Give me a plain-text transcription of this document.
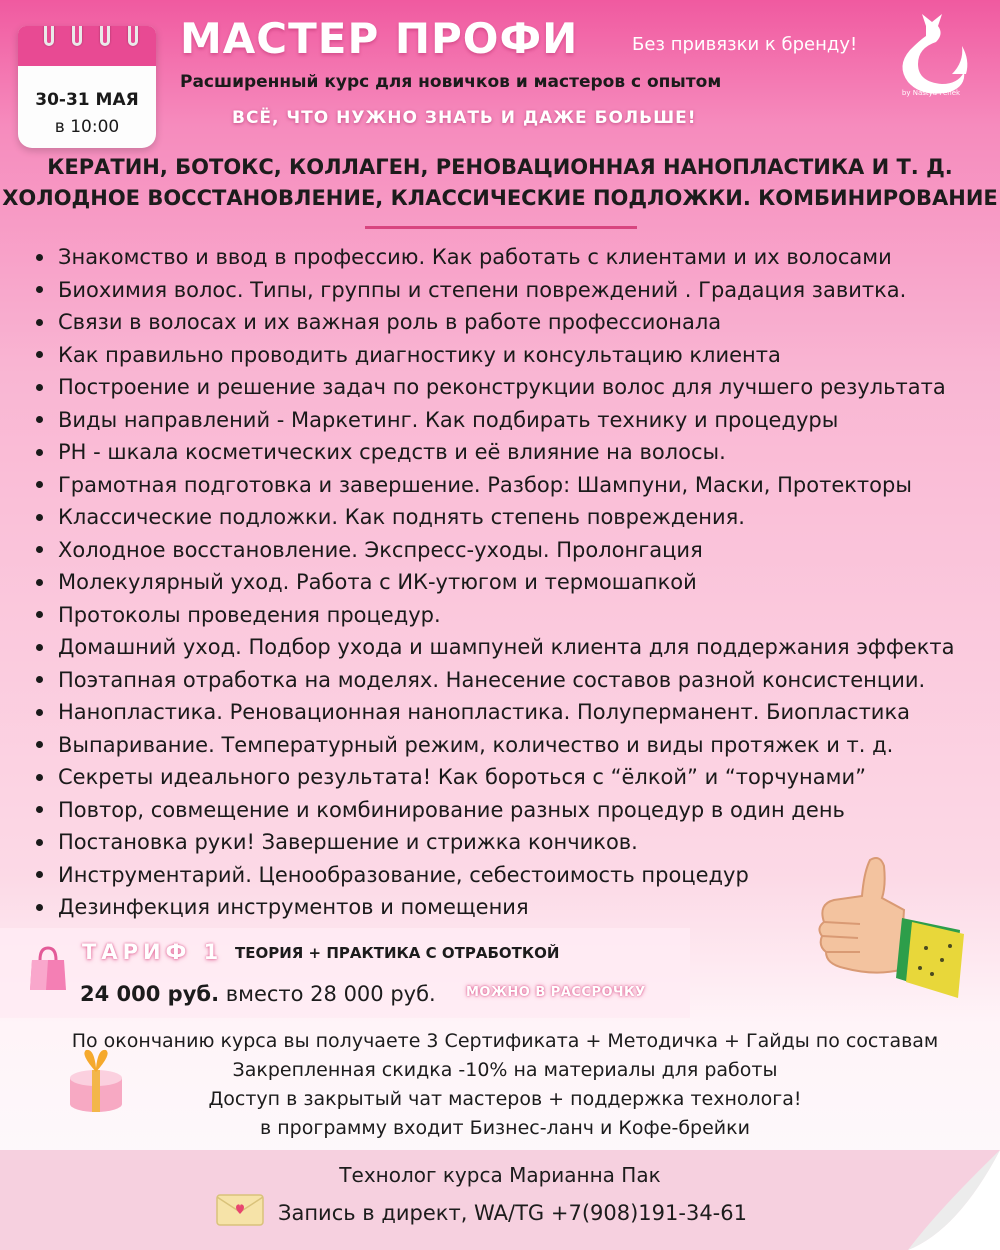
30-31 МАЯ
в 10:00
МАСТЕР ПРОФИ
Расширенный курс для новичков и мастеров с опытом
ВСЁ, ЧТО НУЖНО ЗНАТЬ И ДАЖЕ БОЛЬШЕ!
Без привязки к бренду!
by Nastya Fenek
КЕРАТИН, БОТОКС, КОЛЛАГЕН, РЕНОВАЦИОННАЯ НАНОПЛАСТИКА И Т. Д.
ХОЛОДНОЕ ВОССТАНОВЛЕНИЕ, КЛАССИЧЕСКИЕ ПОДЛОЖКИ. КОМБИНИРОВАНИЕ
Знакомство и ввод в профессию. Как работать с клиентами и их волосами
Биохимия волос. Типы, группы и степени повреждений . Градация завитка.
Связи в волосах и их важная роль в работе профессионала
Как правильно проводить диагностику и консультацию клиента
Построение и решение задач по реконструкции волос для лучшего результата
Виды направлений - Маркетинг. Как подбирать технику и процедуры
PH - шкала косметических средств и её влияние на волосы.
Грамотная подготовка и завершение. Разбор: Шампуни, Маски, Протекторы
Классические подложки. Как поднять степень повреждения.
Холодное восстановление. Экспресс-уходы. Пролонгация
Молекулярный уход. Работа с ИК-утюгом и термошапкой
Протоколы проведения процедур.
Домашний уход. Подбор ухода и шампуней клиента для поддержания эффекта
Поэтапная отработка на моделях. Нанесение составов разной консистенции.
Нанопластика. Реновационная нанопластика. Полуперманент. Биопластика
Выпаривание. Температурный режим, количество и виды протяжек и т. д.
Секреты идеального результата! Как бороться с “ёлкой” и “торчунами”
Повтор, совмещение и комбинирование разных процедур в один день
Постановка руки! Завершение и стрижка кончиков.
Инструментарий. Ценообразование, себестоимость процедур
Дезинфекция инструментов и помещения
ТАРИФ 1 ТЕОРИЯ + ПРАКТИКА С ОТРАБОТКОЙ
24 000 руб. вместо 28 000 руб. МОЖНО В РАССРОЧКУ
По окончанию курса вы получаете 3 Сертификата + Методичка + Гайды по составам
Закрепленная скидка -10% на материалы для работы
Доступ в закрытый чат мастеров + поддержка технолога!
в программу входит Бизнес-ланч и Кофе-брейки
Технолог курса Марианна Пак
Запись в директ, WA/TG +7(908)191-34-61
